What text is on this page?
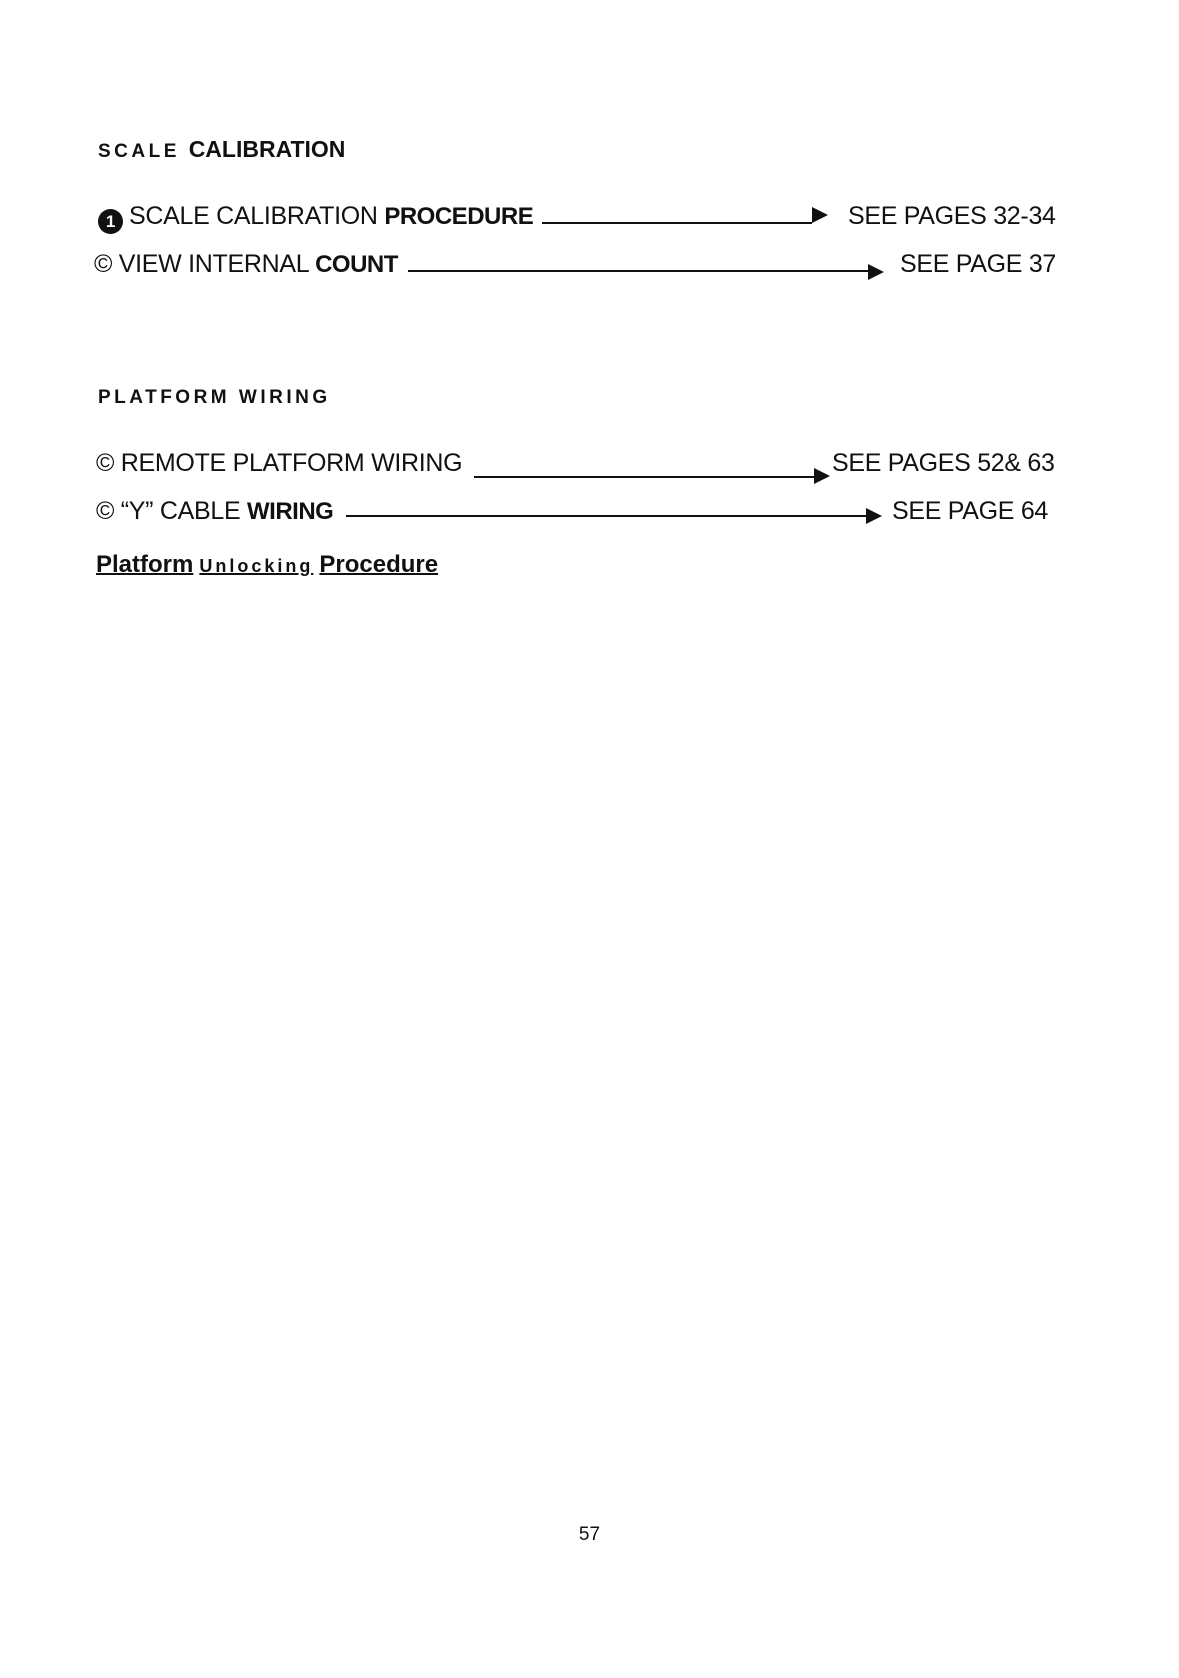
SCALE CALIBRATION
1 SCALE CALIBRATION PROCEDURE	SEE PAGES 32-34
© VIEW INTERNAL COUNT	SEE PAGE 37
PLATFORM WIRING
© REMOTE PLATFORM WIRING	SEE PAGES 52& 63
© “Y” CABLE WIRING	SEE PAGE 64
Platform Unlocking Procedure
57
